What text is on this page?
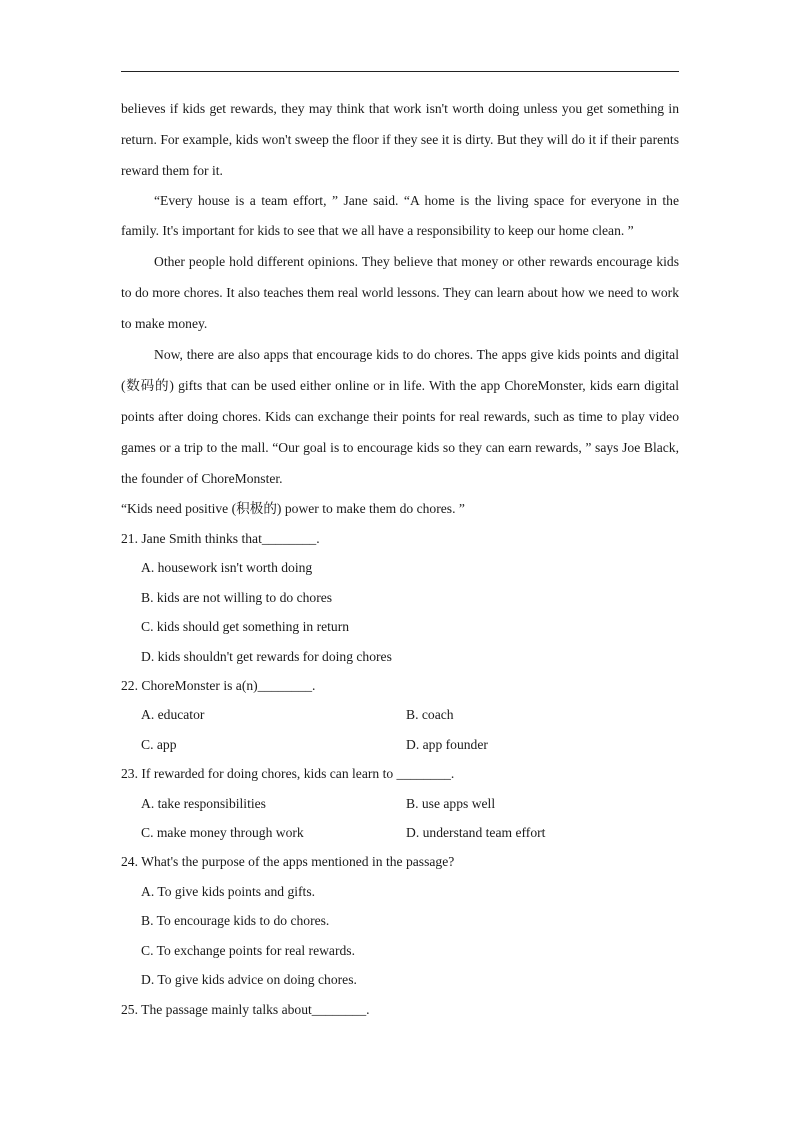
believes if kids get rewards, they may think that work isn't worth doing unless you get something in return. For example, kids won't sweep the floor if they see it is dirty. But they will do it if their parents reward them for it.

“Every house is a team effort, ” Jane said. “A home is the living space for everyone in the family. It's important for kids to see that we all have a responsibility to keep our home clean. ”

Other people hold different opinions. They believe that money or other rewards encourage kids to do more chores. It also teaches them real world lessons. They can learn about how we need to work to make money.

Now, there are also apps that encourage kids to do chores. The apps give kids points and digital (数码的) gifts that can be used either online or in life. With the app ChoreMonster, kids earn digital points after doing chores. Kids can exchange their points for real rewards, such as time to play video games or a trip to the mall. “Our goal is to encourage kids so they can earn rewards, ” says Joe Black, the founder of ChoreMonster.

“Kids need positive (积极的) power to make them do chores. ”

21. Jane Smith thinks that________.

A. housework isn't worth doing

B. kids are not willing to do chores

C. kids should get something in return

D. kids shouldn't get rewards for doing chores

22. ChoreMonster is a(n)________.

A. educator	B. coach
C. app	D. app founder

23. If rewarded for doing chores, kids can learn to ________.

A. take responsibilities	B. use apps well
C. make money through work	D. understand team effort

24. What's the purpose of the apps mentioned in the passage?

A. To give kids points and gifts.

B. To encourage kids to do chores.

C. To exchange points for real rewards.

D. To give kids advice on doing chores.

25. The passage mainly talks about________.
